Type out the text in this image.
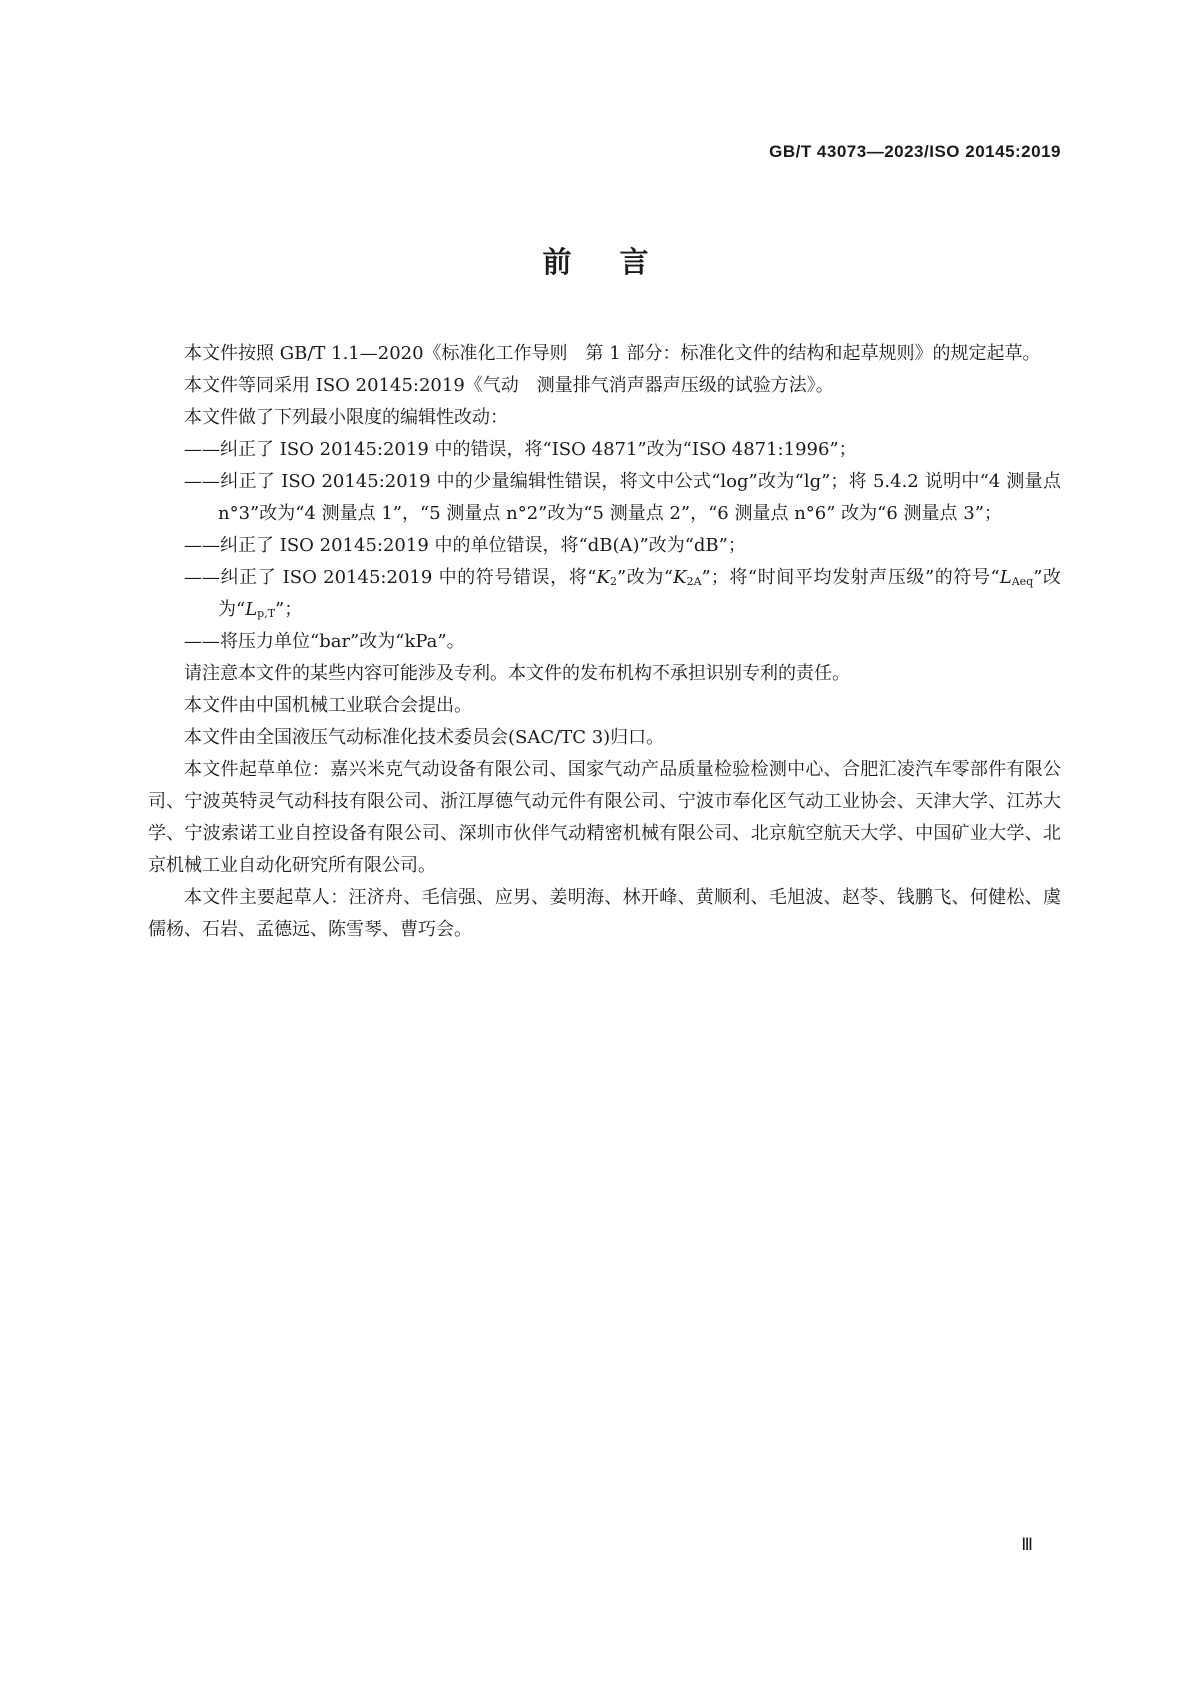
GB/T 43073—2023/ISO 20145:2019
前言

本文件按照 GB/T 1.1—2020《标准化工作导则　第 1 部分：标准化文件的结构和起草规则》的规定起草。

本文件等同采用 ISO 20145:2019《气动　测量排气消声器声压级的试验方法》。

本文件做了下列最小限度的编辑性改动：

——纠正了 ISO 20145:2019 中的错误，将“ISO 4871”改为“ISO 4871:1996”；

——纠正了 ISO 20145:2019 中的少量编辑性错误，将文中公式“log”改为“lg”；将 5.4.2 说明中“4 测量点 n°3”改为“4 测量点 1”，“5 测量点 n°2”改为“5 测量点 2”，“6 测量点 n°6” 改为“6 测量点 3”；

——纠正了 ISO 20145:2019 中的单位错误，将“dB(A)”改为“dB”；

——纠正了 ISO 20145:2019 中的符号错误，将“$K_2$”改为“$K_{2A}$”；将“时间平均发射声压级”的符号“$L_{Aeq}$”改为“$L_{p,T}$”；

——将压力单位“bar”改为“kPa”。

请注意本文件的某些内容可能涉及专利。本文件的发布机构不承担识别专利的责任。

本文件由中国机械工业联合会提出。

本文件由全国液压气动标准化技术委员会(SAC/TC 3)归口。

本文件起草单位：嘉兴米克气动设备有限公司、国家气动产品质量检验检测中心、合肥汇凌汽车零部件有限公司、宁波英特灵气动科技有限公司、浙江厚德气动元件有限公司、宁波市奉化区气动工业协会、天津大学、江苏大学、宁波索诺工业自控设备有限公司、深圳市伙伴气动精密机械有限公司、北京航空航天大学、中国矿业大学、北京机械工业自动化研究所有限公司。

本文件主要起草人：汪济舟、毛信强、应男、姜明海、林开峰、黄顺利、毛旭波、赵苓、钱鹏飞、何健松、虞儒杨、石岩、孟德远、陈雪琴、曹巧会。

Ⅲ
